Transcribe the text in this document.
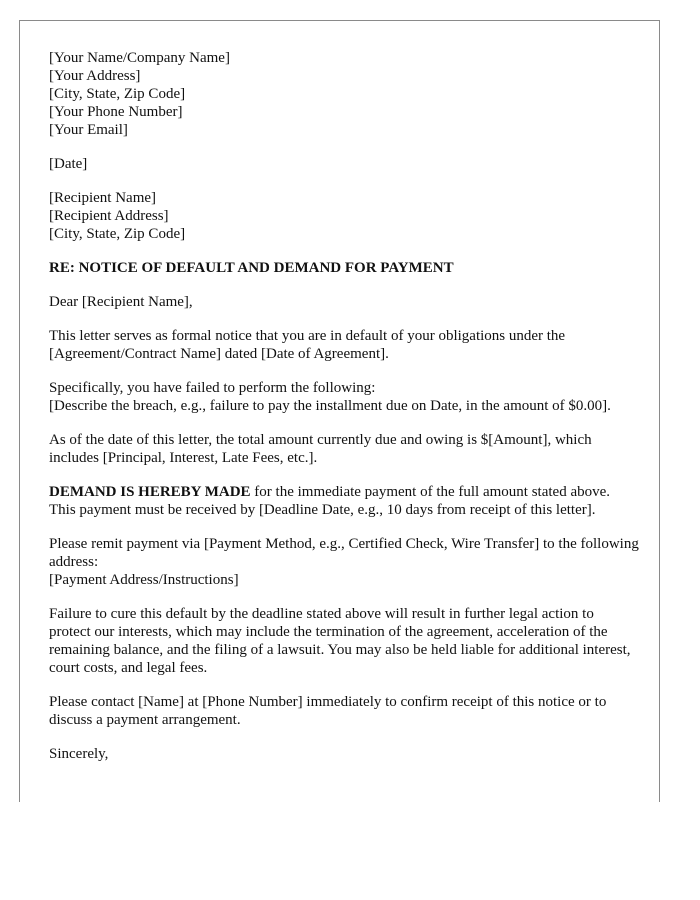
[Your Name/Company Name]
[Your Address]
[City, State, Zip Code]
[Your Phone Number]
[Your Email]
[Date]
[Recipient Name]
[Recipient Address]
[City, State, Zip Code]

RE: NOTICE OF DEFAULT AND DEMAND FOR PAYMENT

Dear [Recipient Name],

This letter serves as formal notice that you are in default of your obligations under the [Agreement/Contract Name] dated [Date of Agreement].

Specifically, you have failed to perform the following:
[Describe the breach, e.g., failure to pay the installment due on Date, in the amount of $0.00].

As of the date of this letter, the total amount currently due and owing is $[Amount], which includes [Principal, Interest, Late Fees, etc.].

DEMAND IS HEREBY MADE for the immediate payment of the full amount stated above. This payment must be received by [Deadline Date, e.g., 10 days from receipt of this letter].

Please remit payment via [Payment Method, e.g., Certified Check, Wire Transfer] to the following address:
[Payment Address/Instructions]

Failure to cure this default by the deadline stated above will result in further legal action to protect our interests, which may include the termination of the agreement, acceleration of the remaining balance, and the filing of a lawsuit. You may also be held liable for additional interest, court costs, and legal fees.

Please contact [Name] at [Phone Number] immediately to confirm receipt of this notice or to discuss a payment arrangement.

Sincerely,
